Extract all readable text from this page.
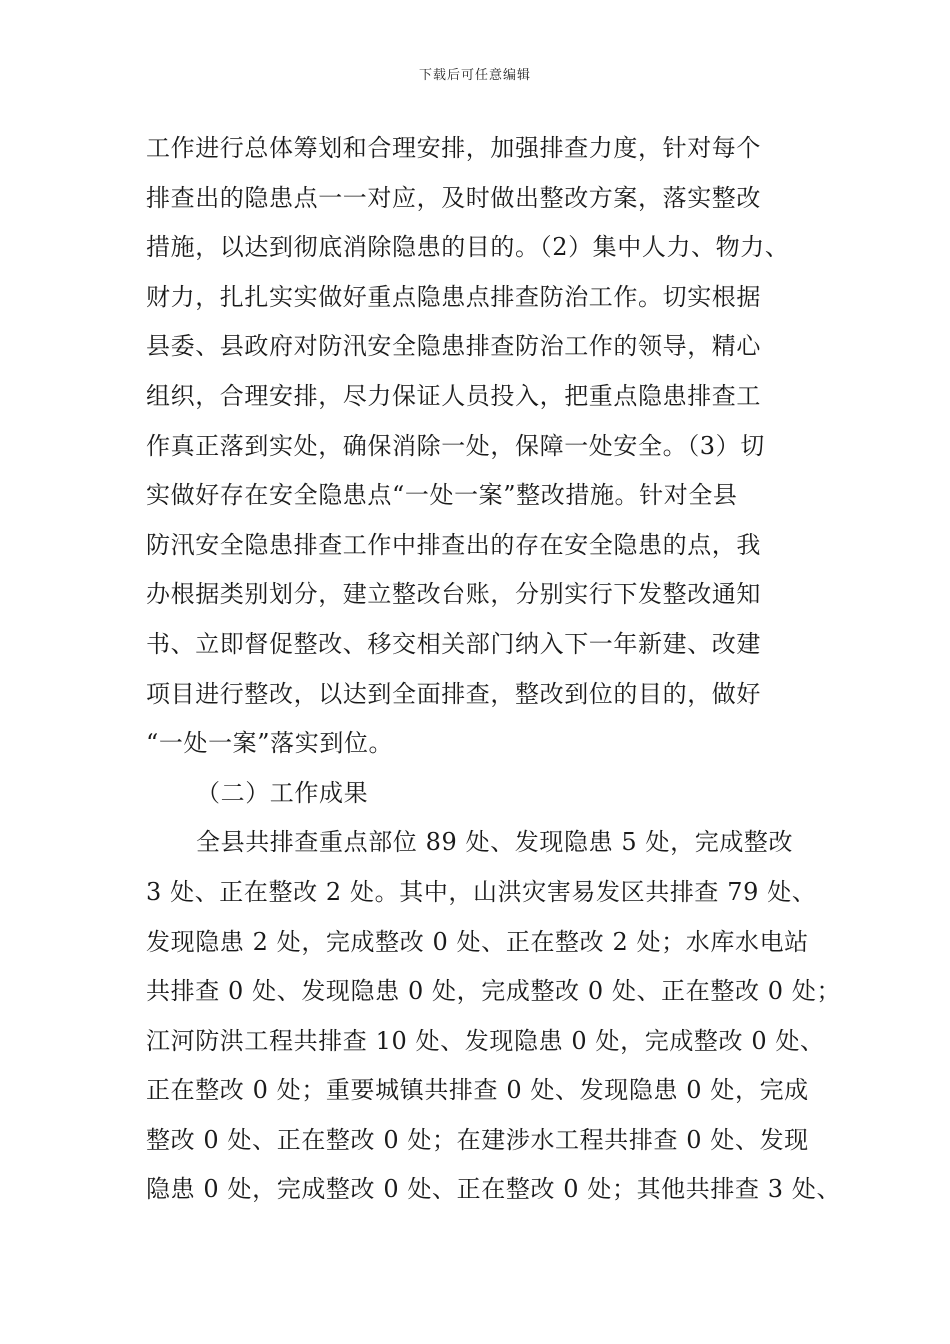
下载后可任意编辑
工作进行总体筹划和合理安排，加强排查力度，针对每个
排查出的隐患点一一对应，及时做出整改方案，落实整改
措施，以达到彻底消除隐患的目的。（2）集中人力、物力、
财力，扎扎实实做好重点隐患点排查防治工作。切实根据
县委、县政府对防汛安全隐患排查防治工作的领导，精心
组织，合理安排，尽力保证人员投入，把重点隐患排查工
作真正落到实处，确保消除一处，保障一处安全。（3）切
实做好存在安全隐患点“一处一案”整改措施。针对全县
防汛安全隐患排查工作中排查出的存在安全隐患的点，我
办根据类别划分，建立整改台账，分别实行下发整改通知
书、立即督促整改、移交相关部门纳入下一年新建、改建
项目进行整改，以达到全面排查，整改到位的目的，做好
“一处一案”落实到位。
（二）工作成果
全县共排查重点部位 89 处、发现隐患 5 处，完成整改
3 处、正在整改 2 处。其中，山洪灾害易发区共排查 79 处、
发现隐患 2 处，完成整改 0 处、正在整改 2 处；水库水电站
共排查 0 处、发现隐患 0 处，完成整改 0 处、正在整改 0 处；
江河防洪工程共排查 10 处、发现隐患 0 处，完成整改 0 处、
正在整改 0 处；重要城镇共排查 0 处、发现隐患 0 处，完成
整改 0 处、正在整改 0 处；在建涉水工程共排查 0 处、发现
隐患 0 处，完成整改 0 处、正在整改 0 处；其他共排查 3 处、
